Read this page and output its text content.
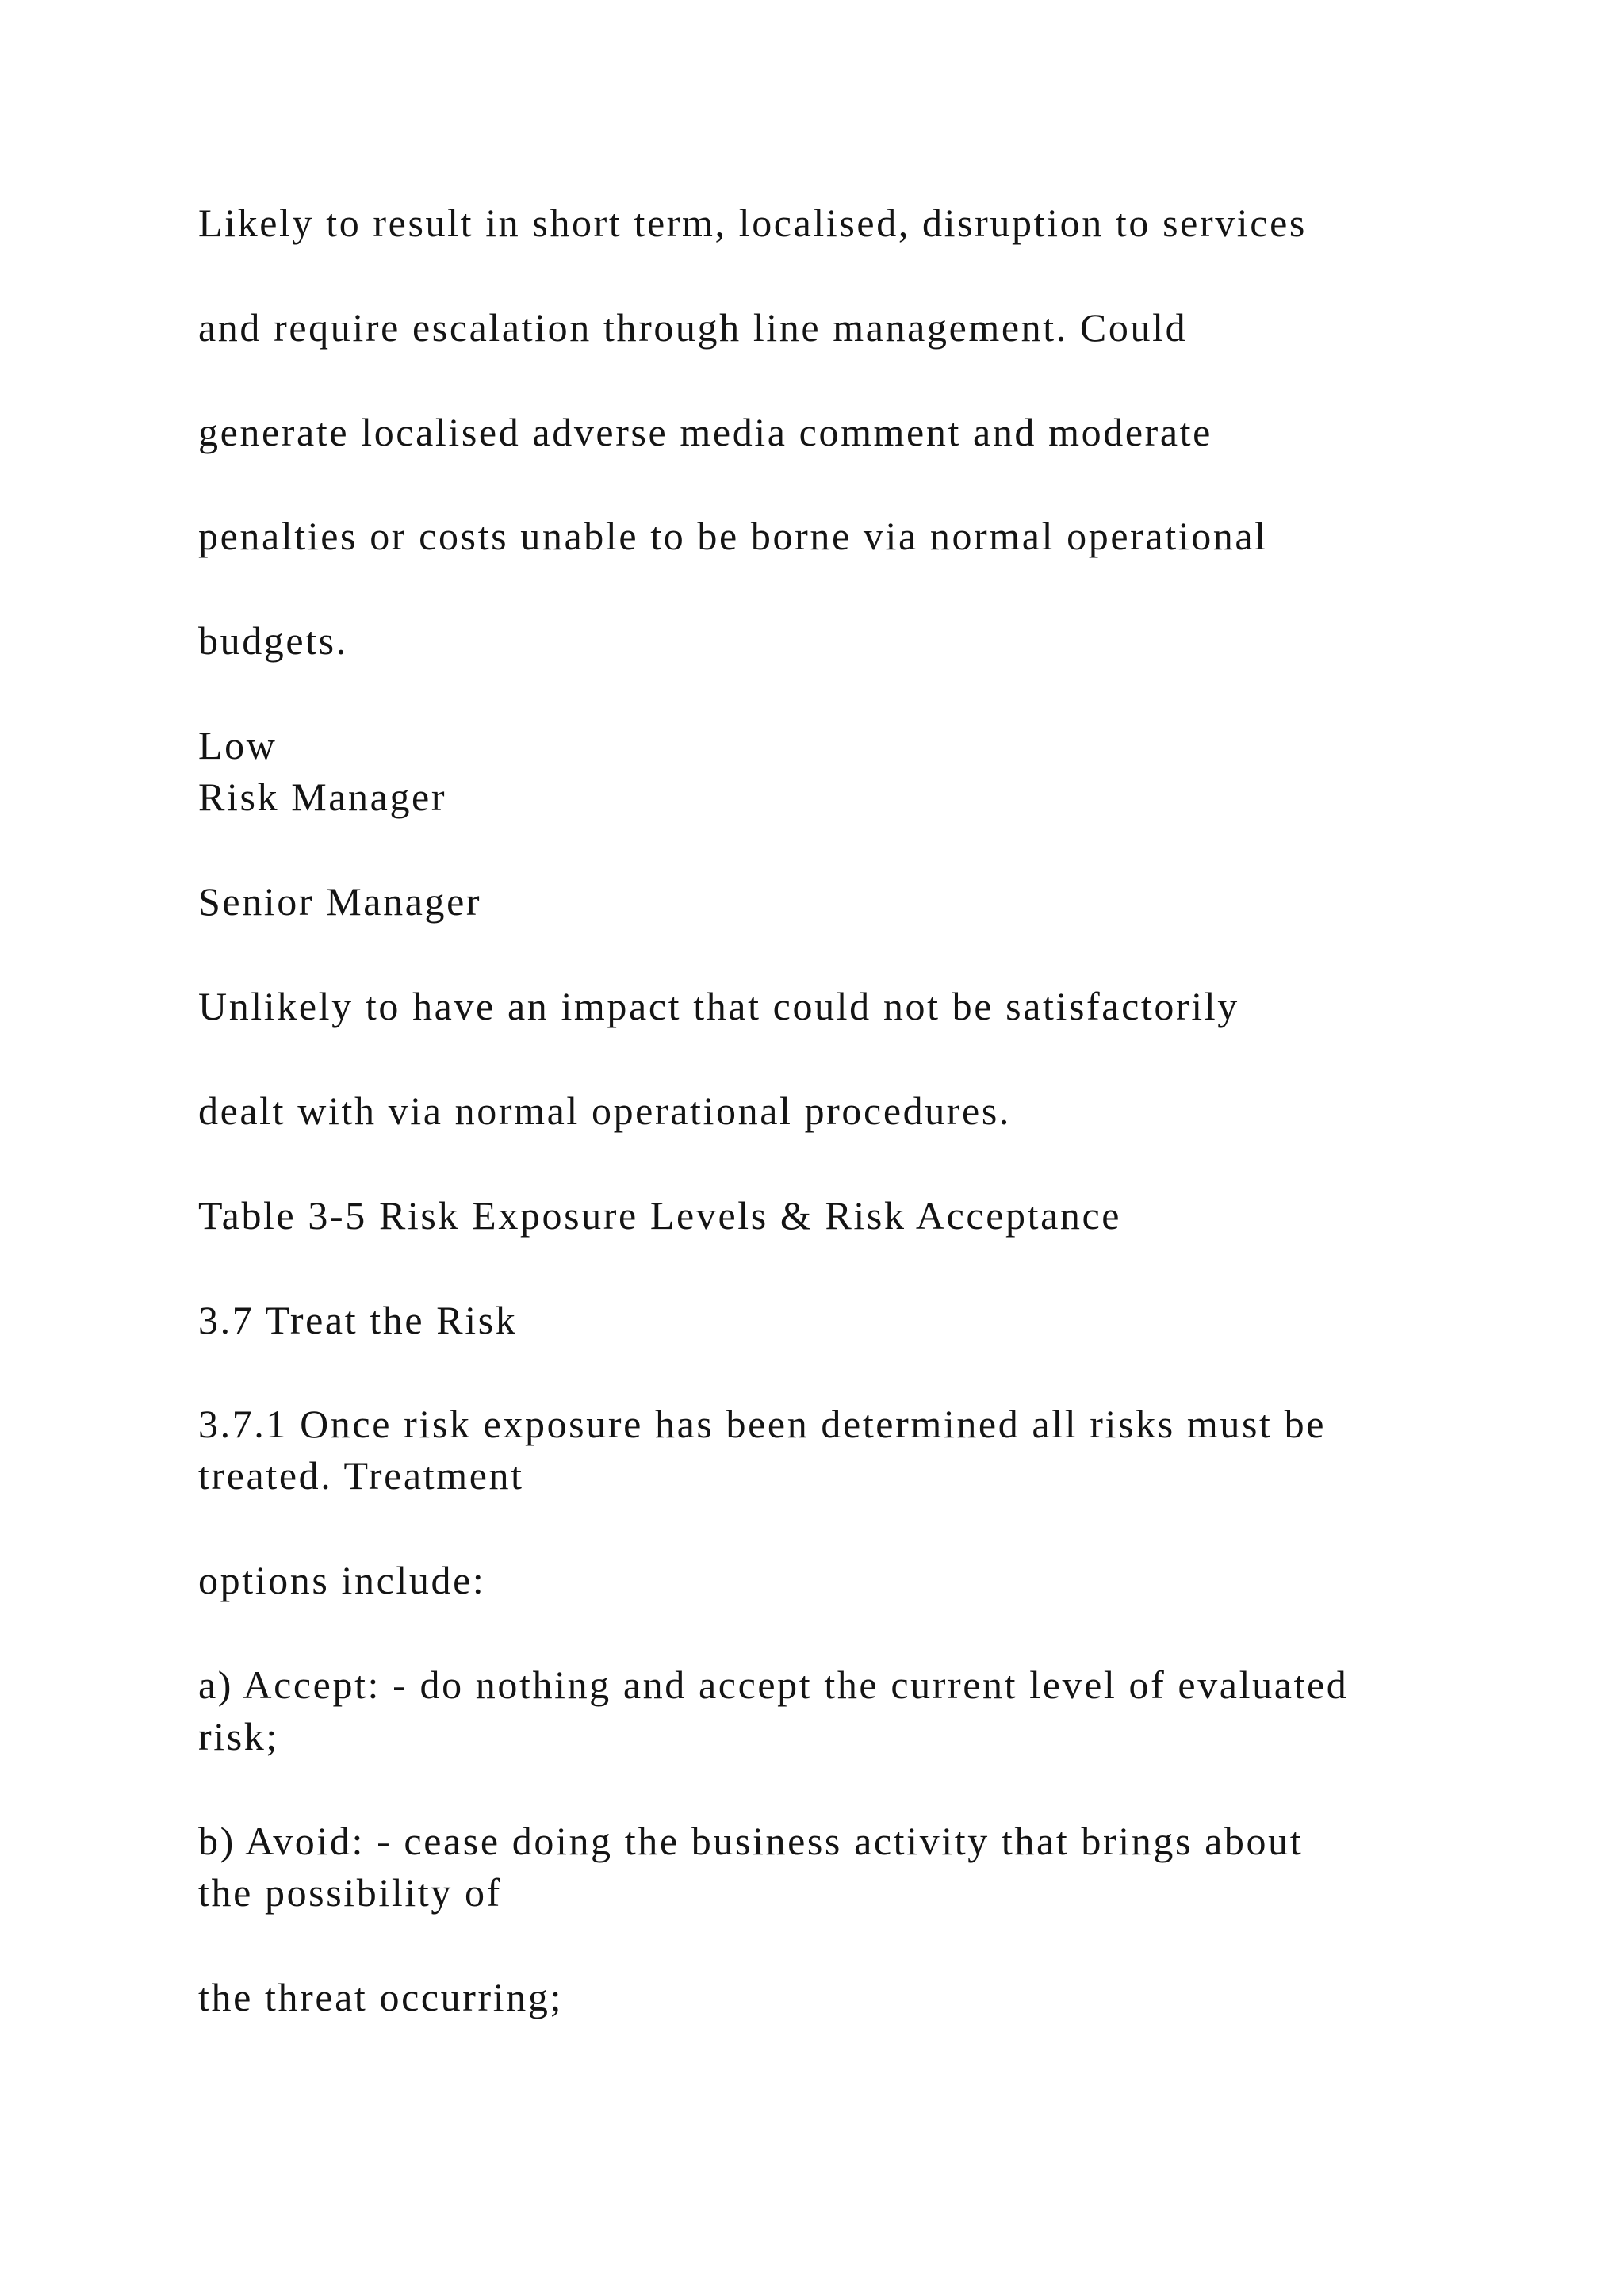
Likely to result in short term, localised, disruption to services

and require escalation through line management. Could

generate localised adverse media comment and moderate

penalties or costs unable to be borne via normal operational

budgets.

Low

Risk Manager

Senior Manager

Unlikely to have an impact that could not be satisfactorily

dealt with via normal operational procedures.

Table 3-5 Risk Exposure Levels & Risk Acceptance

3.7 Treat the Risk

3.7.1 Once risk exposure has been determined all risks must be

treated. Treatment

options include:

a) Accept: - do nothing and accept the current level of evaluated

risk;

b) Avoid: - cease doing the business activity that brings about

the possibility of

the threat occurring;
